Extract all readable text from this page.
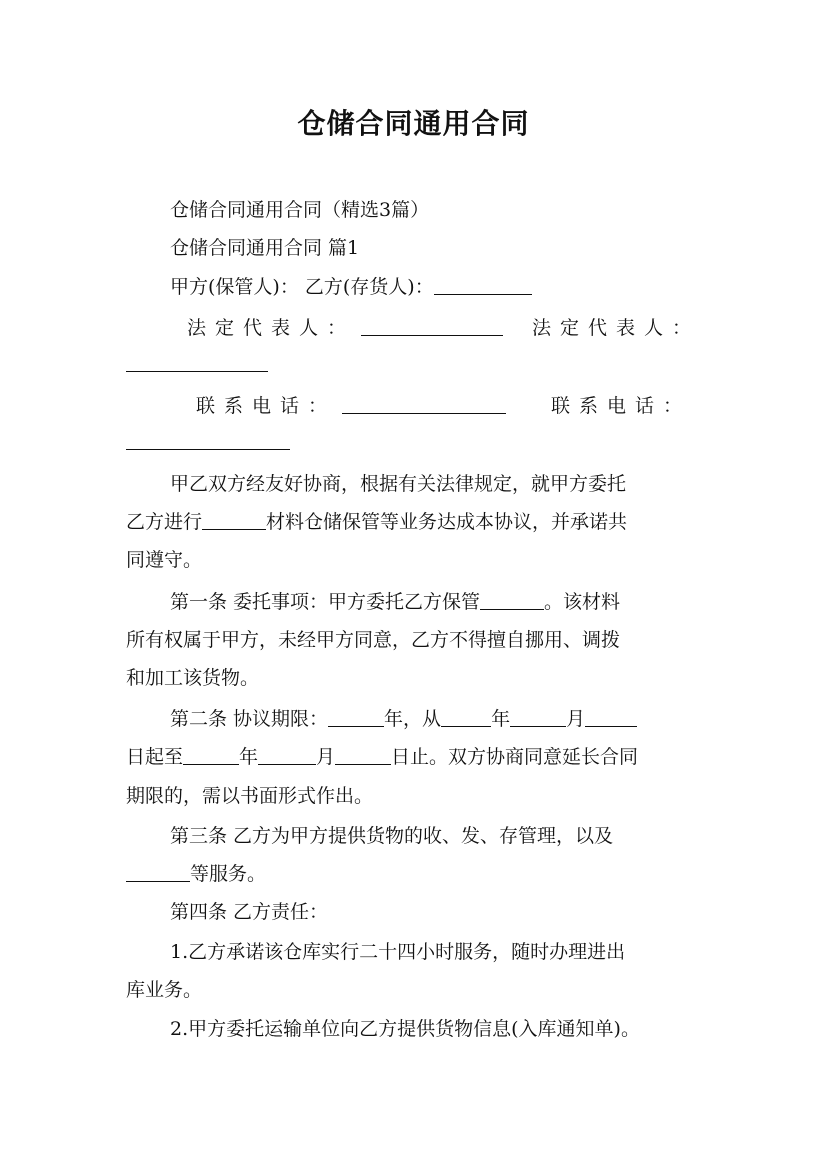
仓储合同通用合同
仓储合同通用合同（精选3篇）
仓储合同通用合同 篇1
甲方(保管人)： 乙方(存货人)：
法定代表人：	法定代表人：
联系电话：	联系电话：
甲乙双方经友好协商，根据有关法律规定，就甲方委托
乙方进行	材料仓储保管等业务达成本协议，并承诺共
同遵守。
第一条 委托事项：甲方委托乙方保管	。该材料
所有权属于甲方，未经甲方同意，乙方不得擅自挪用、调拨
和加工该货物。
第二条 协议期限：	年，从	年	月
日起至	年	月	日止。双方协商同意延长合同
期限的，需以书面形式作出。
第三条 乙方为甲方提供货物的收、发、存管理，以及
等服务。
第四条 乙方责任：
1.乙方承诺该仓库实行二十四小时服务，随时办理进出
库业务。
2.甲方委托运输单位向乙方提供货物信息(入库通知单)。
